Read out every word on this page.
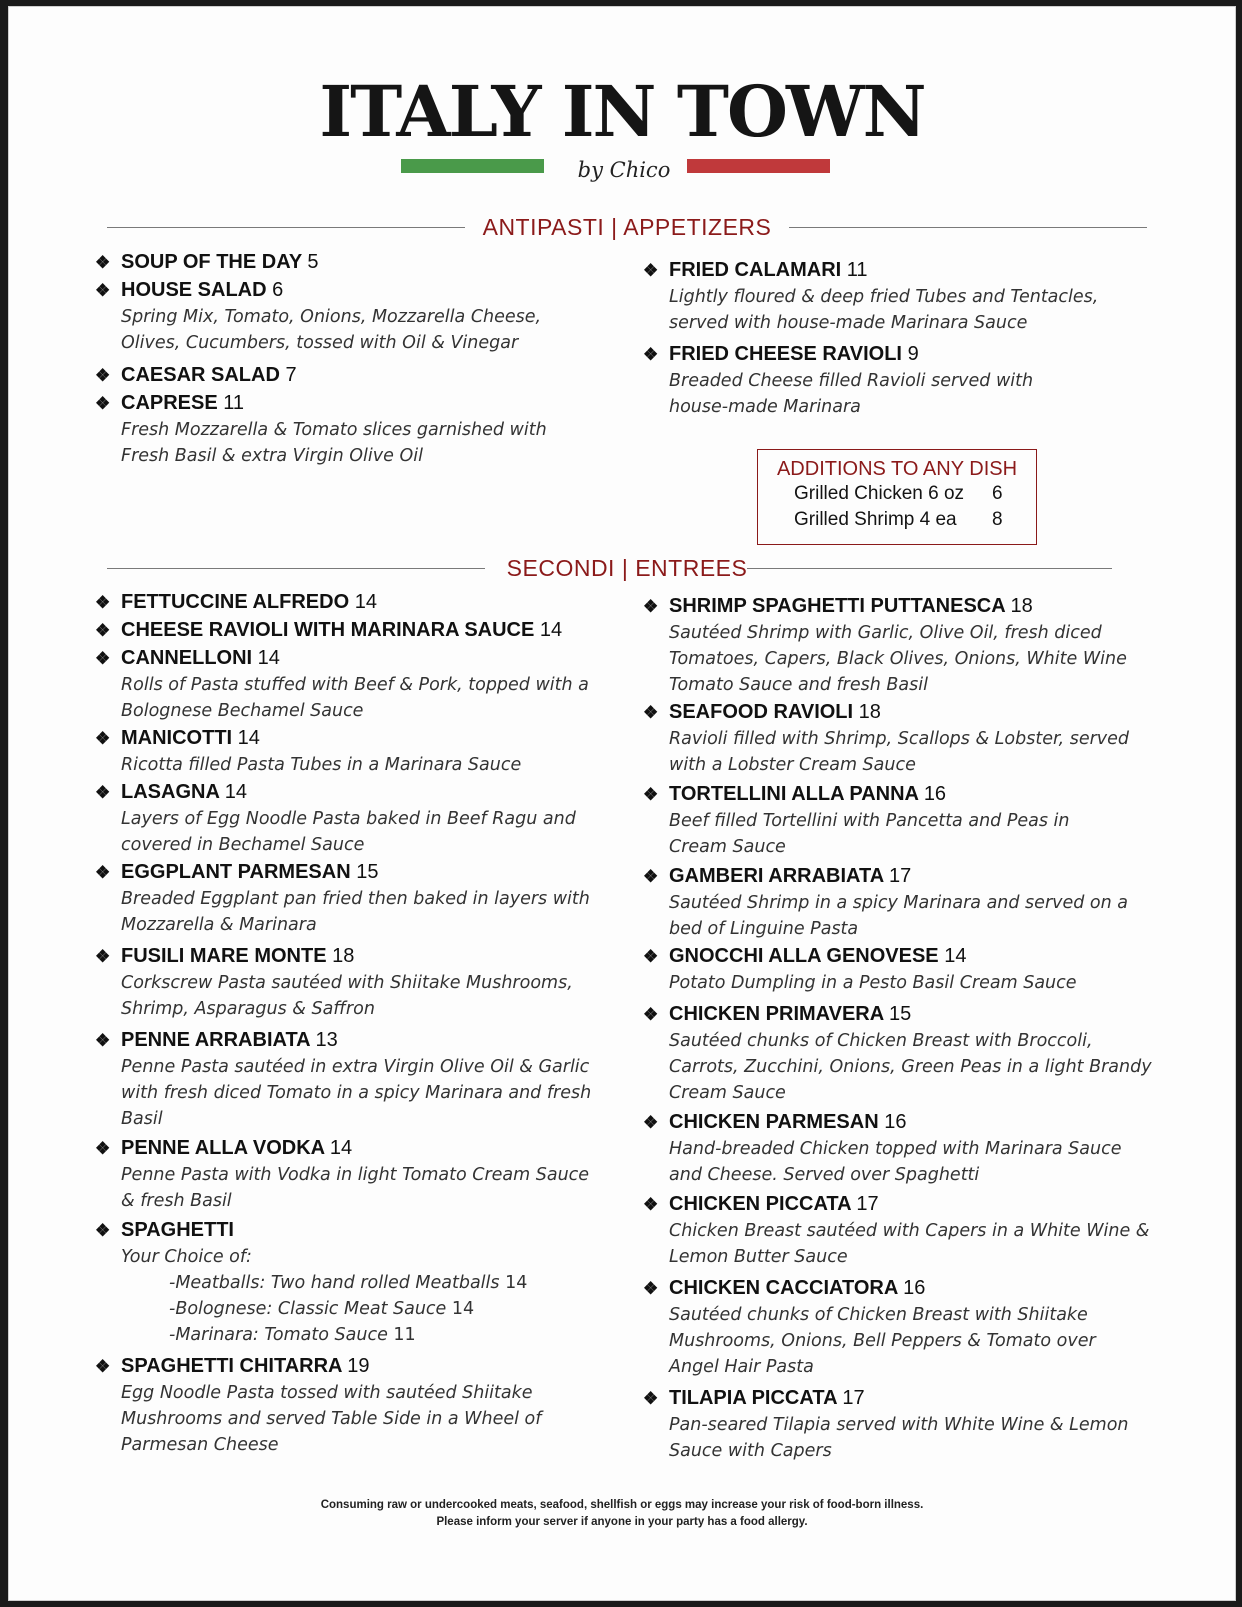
ITALY IN TOWN
by Chico
ANTIPASTI | APPETIZERS
❖ SOUP OF THE DAY 5
❖ HOUSE SALAD 6
Spring Mix, Tomato, Onions, Mozzarella Cheese,
Olives, Cucumbers, tossed with Oil & Vinegar
❖ CAESAR SALAD 7
❖ CAPRESE 11
Fresh Mozzarella & Tomato slices garnished with
Fresh Basil & extra Virgin Olive Oil
❖ FRIED CALAMARI 11
Lightly floured & deep fried Tubes and Tentacles,
served with house-made Marinara Sauce
❖ FRIED CHEESE RAVIOLI 9
Breaded Cheese filled Ravioli served with
house-made Marinara
ADDITIONS TO ANY DISH
Grilled Chicken 6 oz 6
Grilled Shrimp 4 ea 8
SECONDI | ENTREES
❖ FETTUCCINE ALFREDO 14
❖ CHEESE RAVIOLI WITH MARINARA SAUCE 14
❖ CANNELLONI 14
Rolls of Pasta stuffed with Beef & Pork, topped with a
Bolognese Bechamel Sauce
❖ MANICOTTI 14
Ricotta filled Pasta Tubes in a Marinara Sauce
❖ LASAGNA 14
Layers of Egg Noodle Pasta baked in Beef Ragu and
covered in Bechamel Sauce
❖ EGGPLANT PARMESAN 15
Breaded Eggplant pan fried then baked in layers with
Mozzarella & Marinara
❖ FUSILI MARE MONTE 18
Corkscrew Pasta sautéed with Shiitake Mushrooms,
Shrimp, Asparagus & Saffron
❖ PENNE ARRABIATA 13
Penne Pasta sautéed in extra Virgin Olive Oil & Garlic
with fresh diced Tomato in a spicy Marinara and fresh
Basil
❖ PENNE ALLA VODKA 14
Penne Pasta with Vodka in light Tomato Cream Sauce
& fresh Basil
❖ SPAGHETTI
Your Choice of:
-Meatballs: Two hand rolled Meatballs 14
-Bolognese: Classic Meat Sauce 14
-Marinara: Tomato Sauce 11
❖ SPAGHETTI CHITARRA 19
Egg Noodle Pasta tossed with sautéed Shiitake
Mushrooms and served Table Side in a Wheel of
Parmesan Cheese
❖ SHRIMP SPAGHETTI PUTTANESCA 18
Sautéed Shrimp with Garlic, Olive Oil, fresh diced
Tomatoes, Capers, Black Olives, Onions, White Wine
Tomato Sauce and fresh Basil
❖ SEAFOOD RAVIOLI 18
Ravioli filled with Shrimp, Scallops & Lobster, served
with a Lobster Cream Sauce
❖ TORTELLINI ALLA PANNA 16
Beef filled Tortellini with Pancetta and Peas in
Cream Sauce
❖ GAMBERI ARRABIATA 17
Sautéed Shrimp in a spicy Marinara and served on a
bed of Linguine Pasta
❖ GNOCCHI ALLA GENOVESE 14
Potato Dumpling in a Pesto Basil Cream Sauce
❖ CHICKEN PRIMAVERA 15
Sautéed chunks of Chicken Breast with Broccoli,
Carrots, Zucchini, Onions, Green Peas in a light Brandy
Cream Sauce
❖ CHICKEN PARMESAN 16
Hand-breaded Chicken topped with Marinara Sauce
and Cheese. Served over Spaghetti
❖ CHICKEN PICCATA 17
Chicken Breast sautéed with Capers in a White Wine &
Lemon Butter Sauce
❖ CHICKEN CACCIATORA 16
Sautéed chunks of Chicken Breast with Shiitake
Mushrooms, Onions, Bell Peppers & Tomato over
Angel Hair Pasta
❖ TILAPIA PICCATA 17
Pan-seared Tilapia served with White Wine & Lemon
Sauce with Capers
Consuming raw or undercooked meats, seafood, shellfish or eggs may increase your risk of food-born illness.
Please inform your server if anyone in your party has a food allergy.
